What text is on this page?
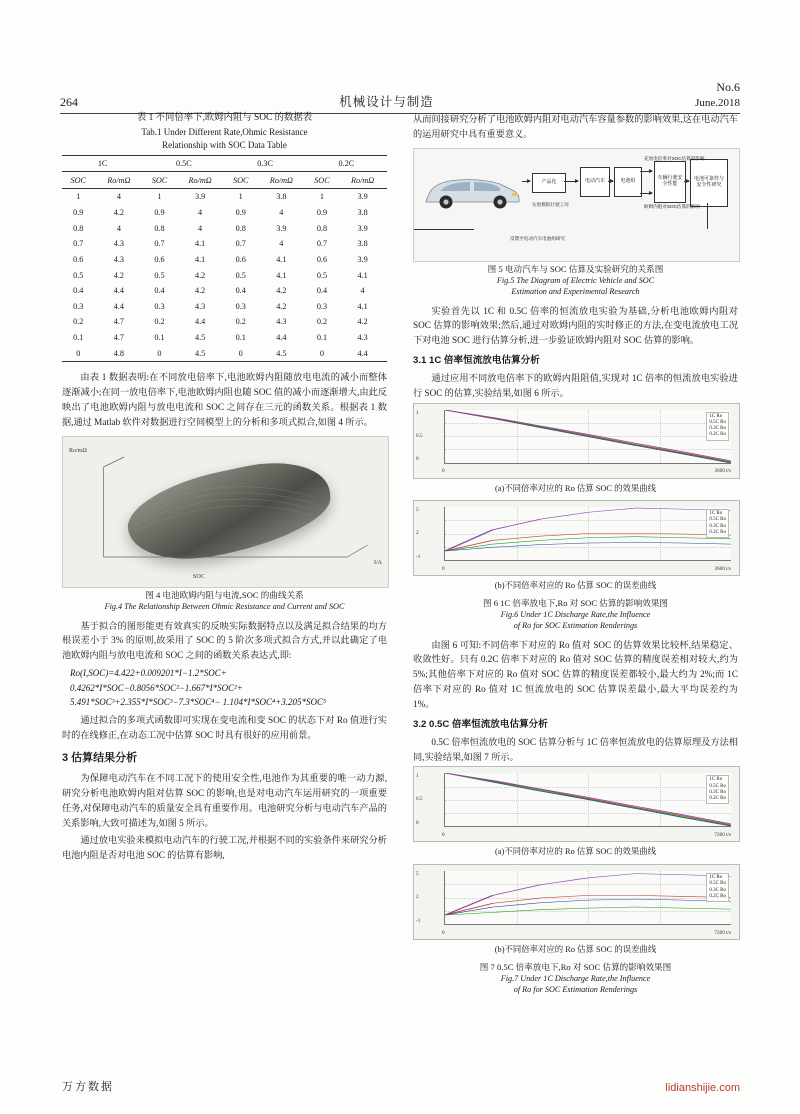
264	机械设计与制造
No.6
June.2018
表 1 不同倍率下,欧姆内阻与 SOC 的数据表
Tab.1 Under Different Rate,Ohmic Resistance
Relationship with SOC Data Table
1C		0.5C		0.3C		0.2C	
SOC	Ro/mΩ	SOC	Ro/mΩ	SOC	Ro/mΩ	SOC	Ro/mΩ
1	4	1	3.9	1	3.8	1	3.9
0.9	4.2	0.9	4	0.9	4	0.9	3.8
0.8	4	0.8	4	0.8	3.9	0.8	3.9
0.7	4.3	0.7	4.1	0.7	4	0.7	3.8
0.6	4.3	0.6	4.1	0.6	4.1	0.6	3.9
0.5	4.2	0.5	4.2	0.5	4.1	0.5	4.1
0.4	4.4	0.4	4.2	0.4	4.2	0.4	4
0.3	4.4	0.3	4.3	0.3	4.2	0.3	4.1
0.2	4.7	0.2	4.4	0.2	4.3	0.2	4.2
0.1	4.7	0.1	4.5	0.1	4.4	0.1	4.3
0	4.8	0	4.5	0	4.5	0	4.4

由表 1 数据表明:在不同放电倍率下,电池欧姆内阻随放电电流的减小而整体逐渐减小;在同一放电倍率下,电池欧姆内阻也随 SOC 值的减小而逐渐增大,由此反映出了电池欧姆内阻与放电电流和 SOC 之间存在三元的函数关系。根据表 1 数据,通过 Matlab 软件对数据进行空间模型上的分析和多项式拟合,如图 4 所示。

Ro/mΩ
SOC
I/A
图 4 电池欧姆内阻与电流,SOC 的曲线关系
Fig.4 The Relationship Between Ohmic Resistance and Current and SOC

基于拟合的图形能更有效真实的反映实际数据特点以及满足拟合结果的均方根误差小于 3% 的原则,故采用了 SOC 的 5 阶次多项式拟合方式,并以此确定了电池欧姆内阻与放电电流和 SOC 之间的函数关系表达式,即:

Ro(I,SOC)=4.422+0.009201*I−1.2*SOC+ 0.4262*I*SOC−0.8056*SOC²−1.667*I*SOC²+ 5.491*SOC³+2.355*I*SOC³−7.3*SOC⁴− 1.104*I*SOC⁴+3.205*SOC⁵

通过拟合的多项式函数即可实现在变电流和变 SOC 的状态下对 Ro 值进行实时的在线修正,在动态工况中估算 SOC 时具有很好的应用前景。

3 估算结果分析

为保障电动汽车在不同工况下的使用安全性,电池作为其重要的唯一动力源,研究分析电池欧姆内阻对估算 SOC 的影响,也是对电动汽车运用研究的一项重要任务,对保障电动汽车的质量安全具有重要作用。电池研究分析与电动汽车产品的关系影响,大致可描述为,如图 5 所示。

通过放电实验来模拟电动汽车的行驶工况,并根据不同的实验条件来研究分析电池内阻是否对电池 SOC 的估算有影响,

从而间接研究分析了电池欧姆内阻对电动汽车容量参数的影响效果,这在电动汽车的运用研究中具有重要意义。

产品化	电动汽车	电池组	车辆行驶安全性能
电池可靠性与安全性研究
充放电倍率对SOC估算的影响
欧姆内阻对SOC估算的影响
实验模拟行驶工况
反馈至电动汽车电池组研究
图 5 电动汽车与 SOC 估算及实验研究的关系图
Fig.5 The Diagram of Electric Vehicle and SOC
Estimation and Experimental Research

实验首先以 1C 和 0.5C 倍率的恒流放电实验为基础,分析电池欧姆内阻对 SOC 估算的影响效果;然后,通过对欧姆内阻的实时修正的方法,在变电流放电工况下对电池 SOC 进行估算分析,进一步验证欧姆内阻对 SOC 估算的影响。

3.1 1C 倍率恒流放电估算分析

通过应用不同放电倍率下的欧姆内阻阻值,实现对 1C 倍率的恒流放电实验进行 SOC 的估算,实验结果,如图 6 所示。

1
0.5
0
0	3600 t/s
1C Ro
0.5C Ro
0.3C Ro
0.2C Ro
(a)不同倍率对应的 Ro 估算 SOC 的效果曲线
5
2
-1
0	3600 t/s
1C Ro
0.5C Ro
0.3C Ro
0.2C Ro
(b)不同倍率对应的 Ro 估算 SOC 的误差曲线
图 6 1C 倍率放电下,Ro 对 SOC 估算的影响效果图
Fig.6 Under 1C Discharge Rate,the Influence
of Ro for SOC Estimation Renderings

由图 6 可知:不同倍率下对应的 Ro 值对 SOC 的估算效果比较杯,结果稳定、收敛性好。只有 0.2C 倍率下对应的 Ro 值对 SOC 估算的精度误差相对较大,约为 5%;其他倍率下对应的 Ro 值对 SOC 估算的精度误差都较小,最大约为 2%;而 1C 倍率下对应的 Ro 值对 1C 恒流放电的 SOC 估算误差最小,最大平均误差约为 1%。

3.2 0.5C 倍率恒流放电估算分析

0.5C 倍率恒流放电的 SOC 估算分析与 1C 倍率恒流放电的估算原理及方法相同,实验结果,如图 7 所示。

1
0.5
0
0	7200 t/s
1C Ro
0.5C Ro
0.3C Ro
0.2C Ro
(a)不同倍率对应的 Ro 估算 SOC 的效果曲线
5
2
-1
0	7200 t/s
1C Ro
0.5C Ro
0.3C Ro
0.2C Ro
(b)不同倍率对应的 Ro 估算 SOC 的误差曲线
图 7 0.5C 倍率放电下,Ro 对 SOC 估算的影响效果图
Fig.7 Under 1C Discharge Rate,the Influence
of Ro for SOC Estimation Renderings
万方数据	lidianshijie.com
